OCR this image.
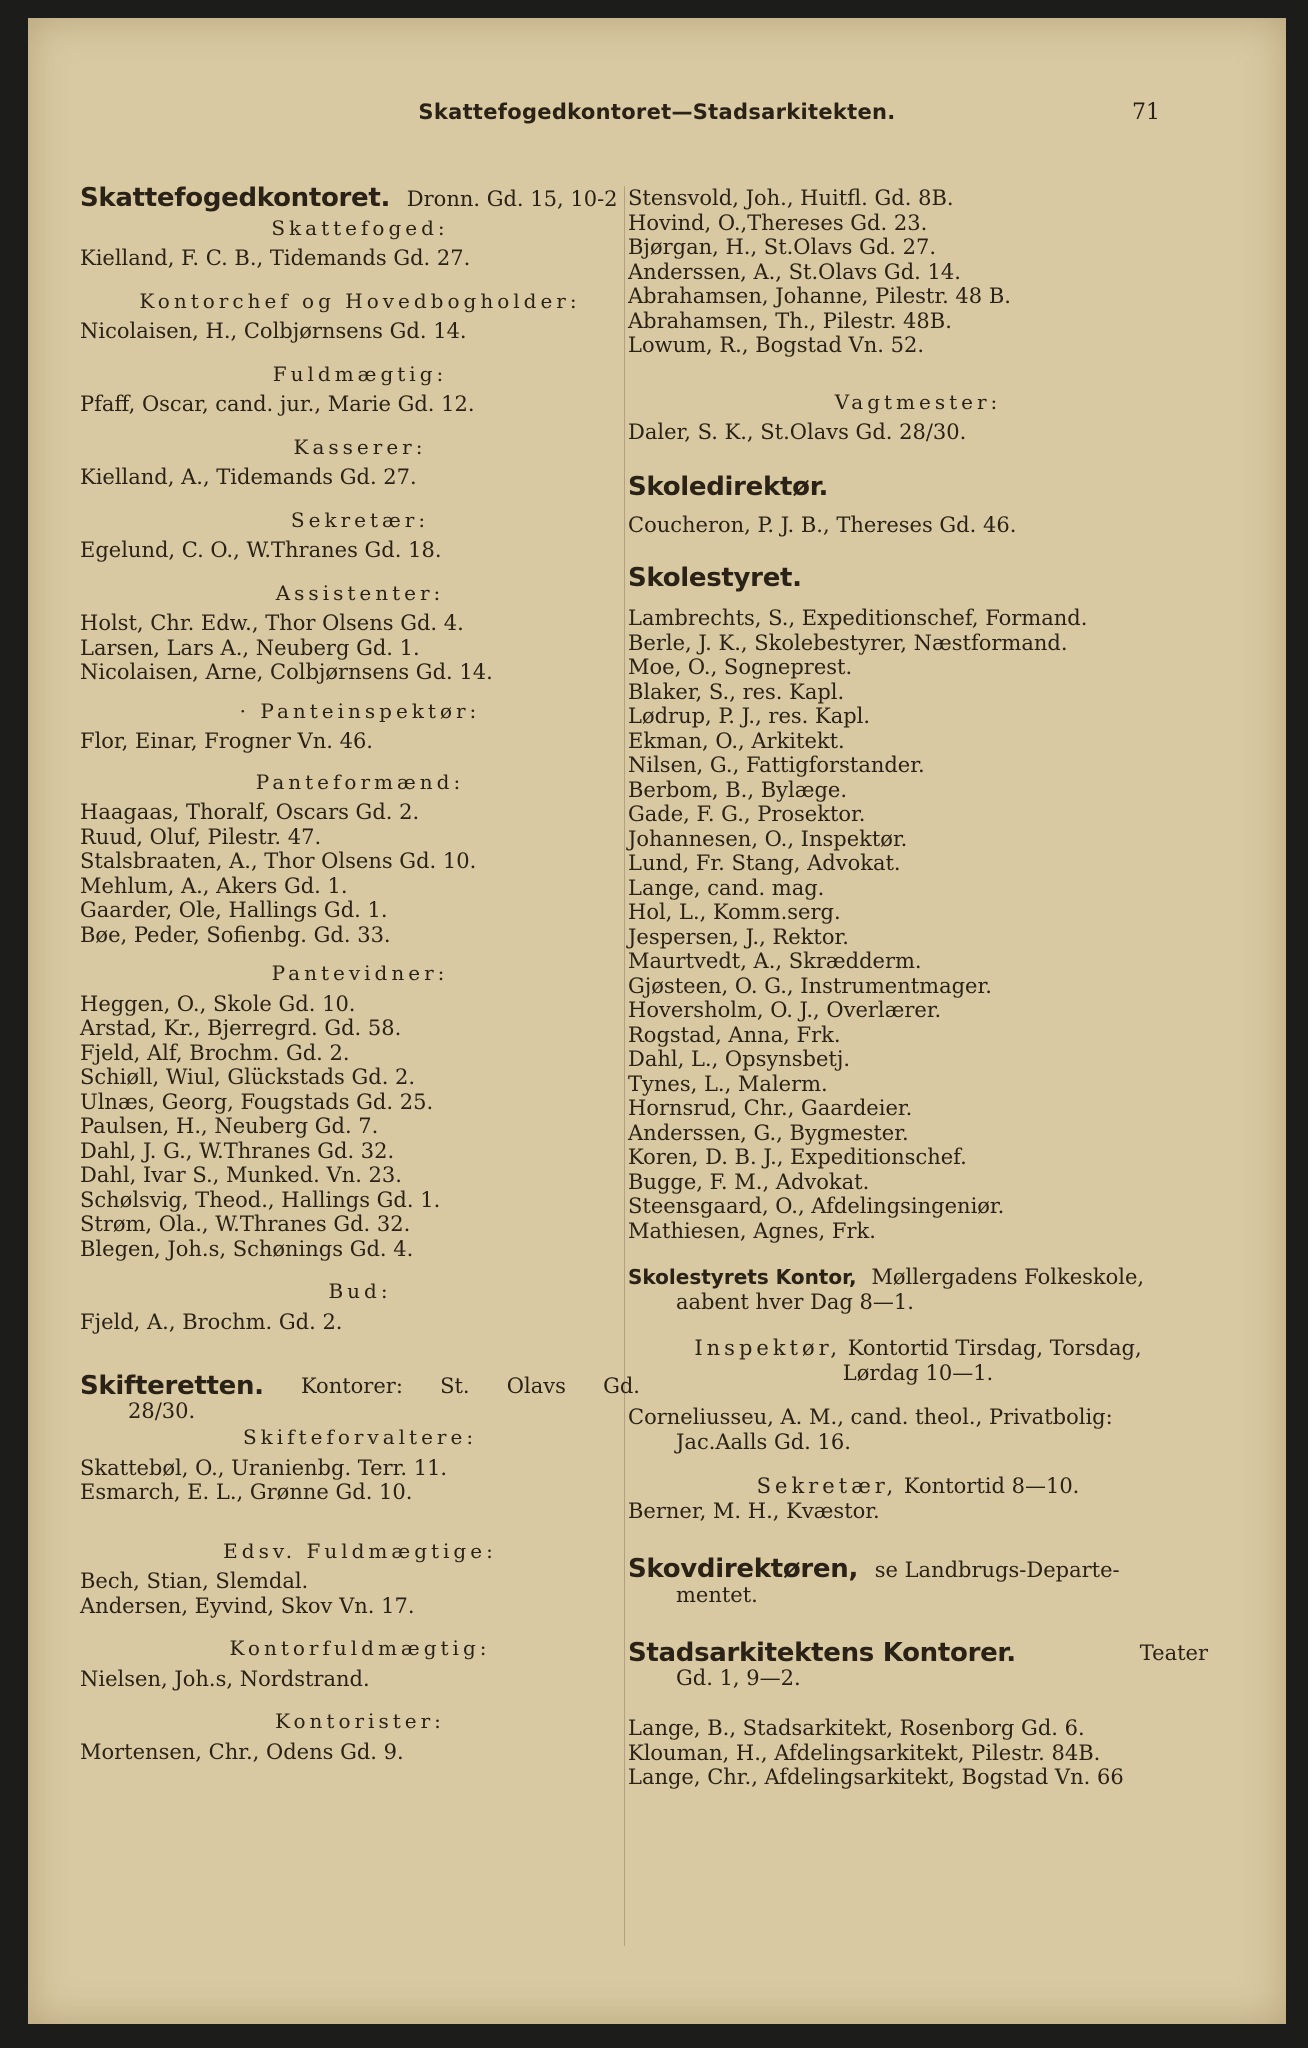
Skattefogedkontoret—Stadsarkitekten.	71
Skattefogedkontoret. Dronn. Gd. 15, 10-2
Skattefoged:
Kielland, F. C. B., Tidemands Gd. 27.
Kontorchef og Hovedbogholder:
Nicolaisen, H., Colbjørnsens Gd. 14.
Fuldmægtig:
Pfaff, Oscar, cand. jur., Marie Gd. 12.
Kasserer:
Kielland, A., Tidemands Gd. 27.
Sekretær:
Egelund, C. O., W.Thranes Gd. 18.
Assistenter:
Holst, Chr. Edw., Thor Olsens Gd. 4.
Larsen, Lars A., Neuberg Gd. 1.
Nicolaisen, Arne, Colbjørnsens Gd. 14.
· Panteinspektør:
Flor, Einar, Frogner Vn. 46.
Panteformænd:
Haagaas, Thoralf, Oscars Gd. 2.
Ruud, Oluf, Pilestr. 47.
Stalsbraaten, A., Thor Olsens Gd. 10.
Mehlum, A., Akers Gd. 1.
Gaarder, Ole, Hallings Gd. 1.
Bøe, Peder, Sofienbg. Gd. 33.
Pantevidner:
Heggen, O., Skole Gd. 10.
Arstad, Kr., Bjerregrd. Gd. 58.
Fjeld, Alf, Brochm. Gd. 2.
Schiøll, Wiul, Glückstads Gd. 2.
Ulnæs, Georg, Fougstads Gd. 25.
Paulsen, H., Neuberg Gd. 7.
Dahl, J. G., W.Thranes Gd. 32.
Dahl, Ivar S., Munked. Vn. 23.
Schølsvig, Theod., Hallings Gd. 1.
Strøm, Ola., W.Thranes Gd. 32.
Blegen, Joh.s, Schønings Gd. 4.
Bud:
Fjeld, A., Brochm. Gd. 2.
Skifteretten. Kontorer: St. Olavs Gd.
28/30.
Skifteforvaltere:
Skattebøl, O., Uranienbg. Terr. 11.
Esmarch, E. L., Grønne Gd. 10.
Edsv. Fuldmægtige:
Bech, Stian, Slemdal.
Andersen, Eyvind, Skov Vn. 17.
Kontorfuldmægtig:
Nielsen, Joh.s, Nordstrand.
Kontorister:
Mortensen, Chr., Odens Gd. 9.
Stensvold, Joh., Huitfl. Gd. 8B.
Hovind, O.,Thereses Gd. 23.
Bjørgan, H., St.Olavs Gd. 27.
Anderssen, A., St.Olavs Gd. 14.
Abrahamsen, Johanne, Pilestr. 48 B.
Abrahamsen, Th., Pilestr. 48B.
Lowum, R., Bogstad Vn. 52.
Vagtmester:
Daler, S. K., St.Olavs Gd. 28/30.
Skoledirektør.
Coucheron, P. J. B., Thereses Gd. 46.
Skolestyret.
Lambrechts, S., Expeditionschef, Formand.
Berle, J. K., Skolebestyrer, Næstformand.
Moe, O., Sogneprest.
Blaker, S., res. Kapl.
Lødrup, P. J., res. Kapl.
Ekman, O., Arkitekt.
Nilsen, G., Fattigforstander.
Berbom, B., Bylæge.
Gade, F. G., Prosektor.
Johannesen, O., Inspektør.
Lund, Fr. Stang, Advokat.
Lange, cand. mag.
Hol, L., Komm.serg.
Jespersen, J., Rektor.
Maurtvedt, A., Skrædderm.
Gjøsteen, O. G., Instrumentmager.
Hoversholm, O. J., Overlærer.
Rogstad, Anna, Frk.
Dahl, L., Opsynsbetj.
Tynes, L., Malerm.
Hornsrud, Chr., Gaardeier.
Anderssen, G., Bygmester.
Koren, D. B. J., Expeditionschef.
Bugge, F. M., Advokat.
Steensgaard, O., Afdelingsingeniør.
Mathiesen, Agnes, Frk.
Skolestyrets Kontor, Møllergadens Folkeskole,
aabent hver Dag 8—1.
Inspektør, Kontortid Tirsdag, Torsdag,
Lørdag 10—1.
Corneliusseu, A. M., cand. theol., Privatbolig:
Jac.Aalls Gd. 16.
Sekretær, Kontortid 8—10.
Berner, M. H., Kvæstor.
Skovdirektøren, se Landbrugs-Departe-
mentet.
Stadsarkitektens Kontorer.	Teater
Gd. 1, 9—2.
Lange, B., Stadsarkitekt, Rosenborg Gd. 6.
Klouman, H., Afdelingsarkitekt, Pilestr. 84B.
Lange, Chr., Afdelingsarkitekt, Bogstad Vn. 66
